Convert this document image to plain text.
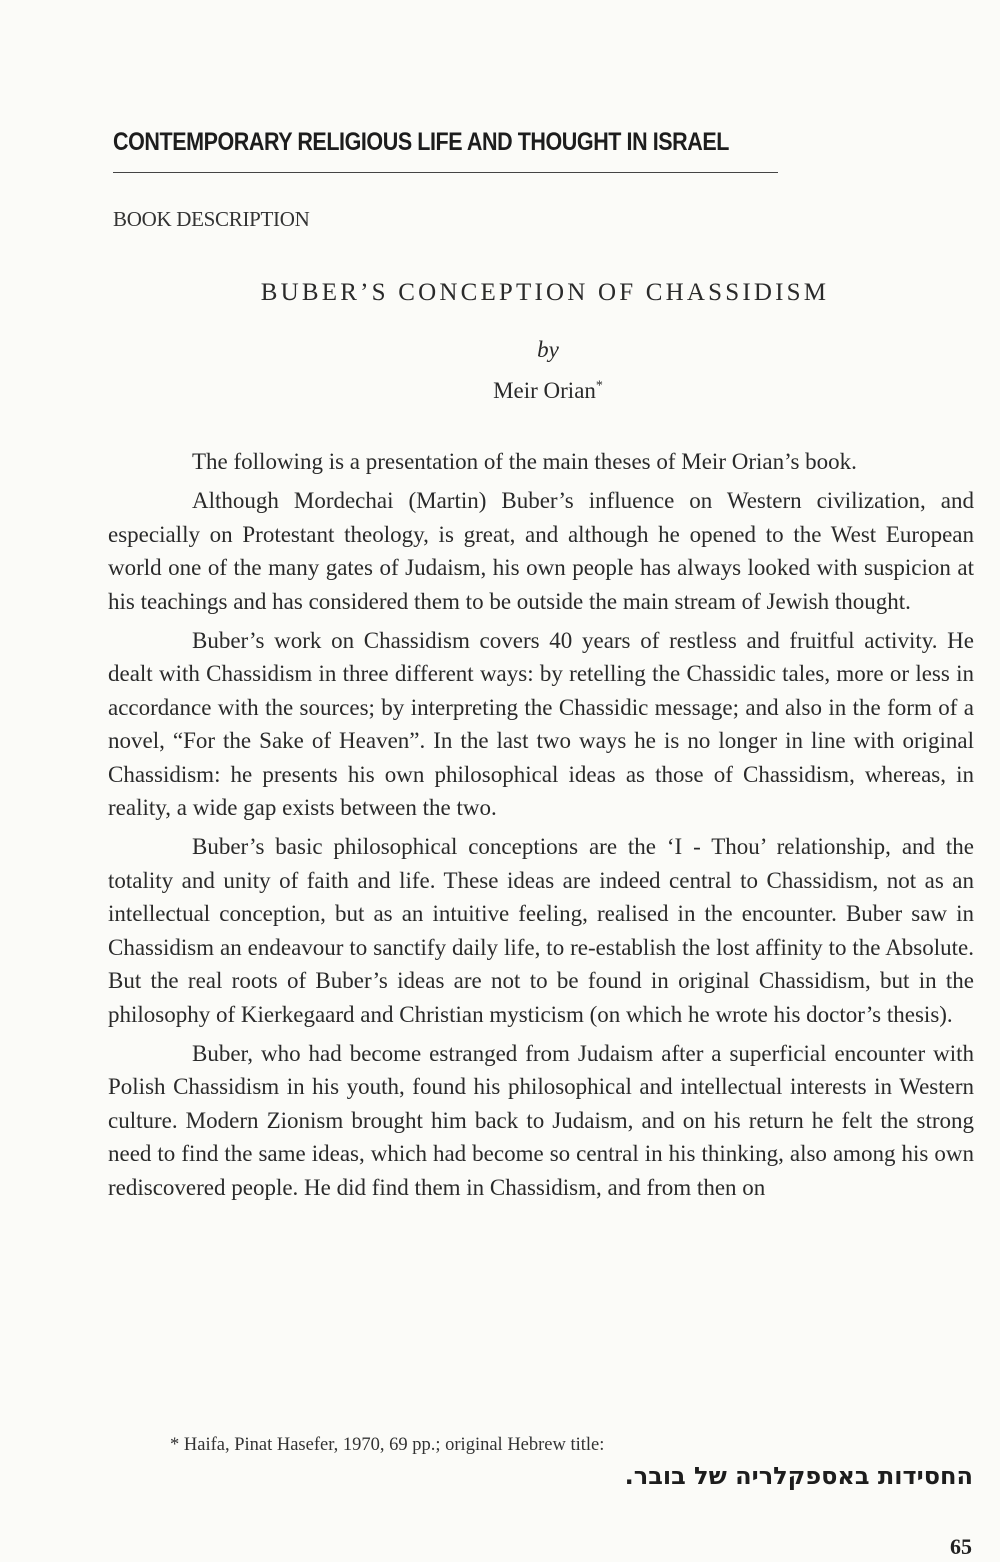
CONTEMPORARY RELIGIOUS LIFE AND THOUGHT IN ISRAEL
BOOK DESCRIPTION
BUBER’S CONCEPTION OF CHASSIDISM
by
Meir Orian*

The following is a presentation of the main theses of Meir Orian’s book.

Although Mordechai (Martin) Buber’s influence on Western civilization, and especially on Protestant theology, is great, and although he opened to the West European world one of the many gates of Judaism, his own people has always looked with suspicion at his teachings and has considered them to be outside the main stream of Jewish thought.

Buber’s work on Chassidism covers 40 years of restless and fruitful activity. He dealt with Chassidism in three different ways: by retelling the Chassidic tales, more or less in accordance with the sources; by interpreting the Chassidic message; and also in the form of a novel, “For the Sake of Heaven”. In the last two ways he is no longer in line with original Chassidism: he presents his own philosophical ideas as those of Chassidism, whereas, in reality, a wide gap exists between the two.

Buber’s basic philosophical conceptions are the ‘I - Thou’ relationship, and the totality and unity of faith and life. These ideas are indeed central to Chassidism, not as an intellectual conception, but as an intuitive feeling, realised in the encounter. Buber saw in Chassidism an endeavour to sanctify daily life, to re-establish the lost affinity to the Absolute. But the real roots of Buber’s ideas are not to be found in original Chassidism, but in the philosophy of Kierkegaard and Christian mysticism (on which he wrote his doctor’s thesis).

Buber, who had become estranged from Judaism after a superficial encounter with Polish Chassidism in his youth, found his philosophical and intellectual interests in Western culture. Modern Zionism brought him back to Judaism, and on his return he felt the strong need to find the same ideas, which had become so central in his thinking, also among his own rediscovered people. He did find them in Chassidism, and from then on

* Haifa, Pinat Hasefer, 1970, 69 pp.; original Hebrew title:
החסידות באספקלריה של בובר.
65
